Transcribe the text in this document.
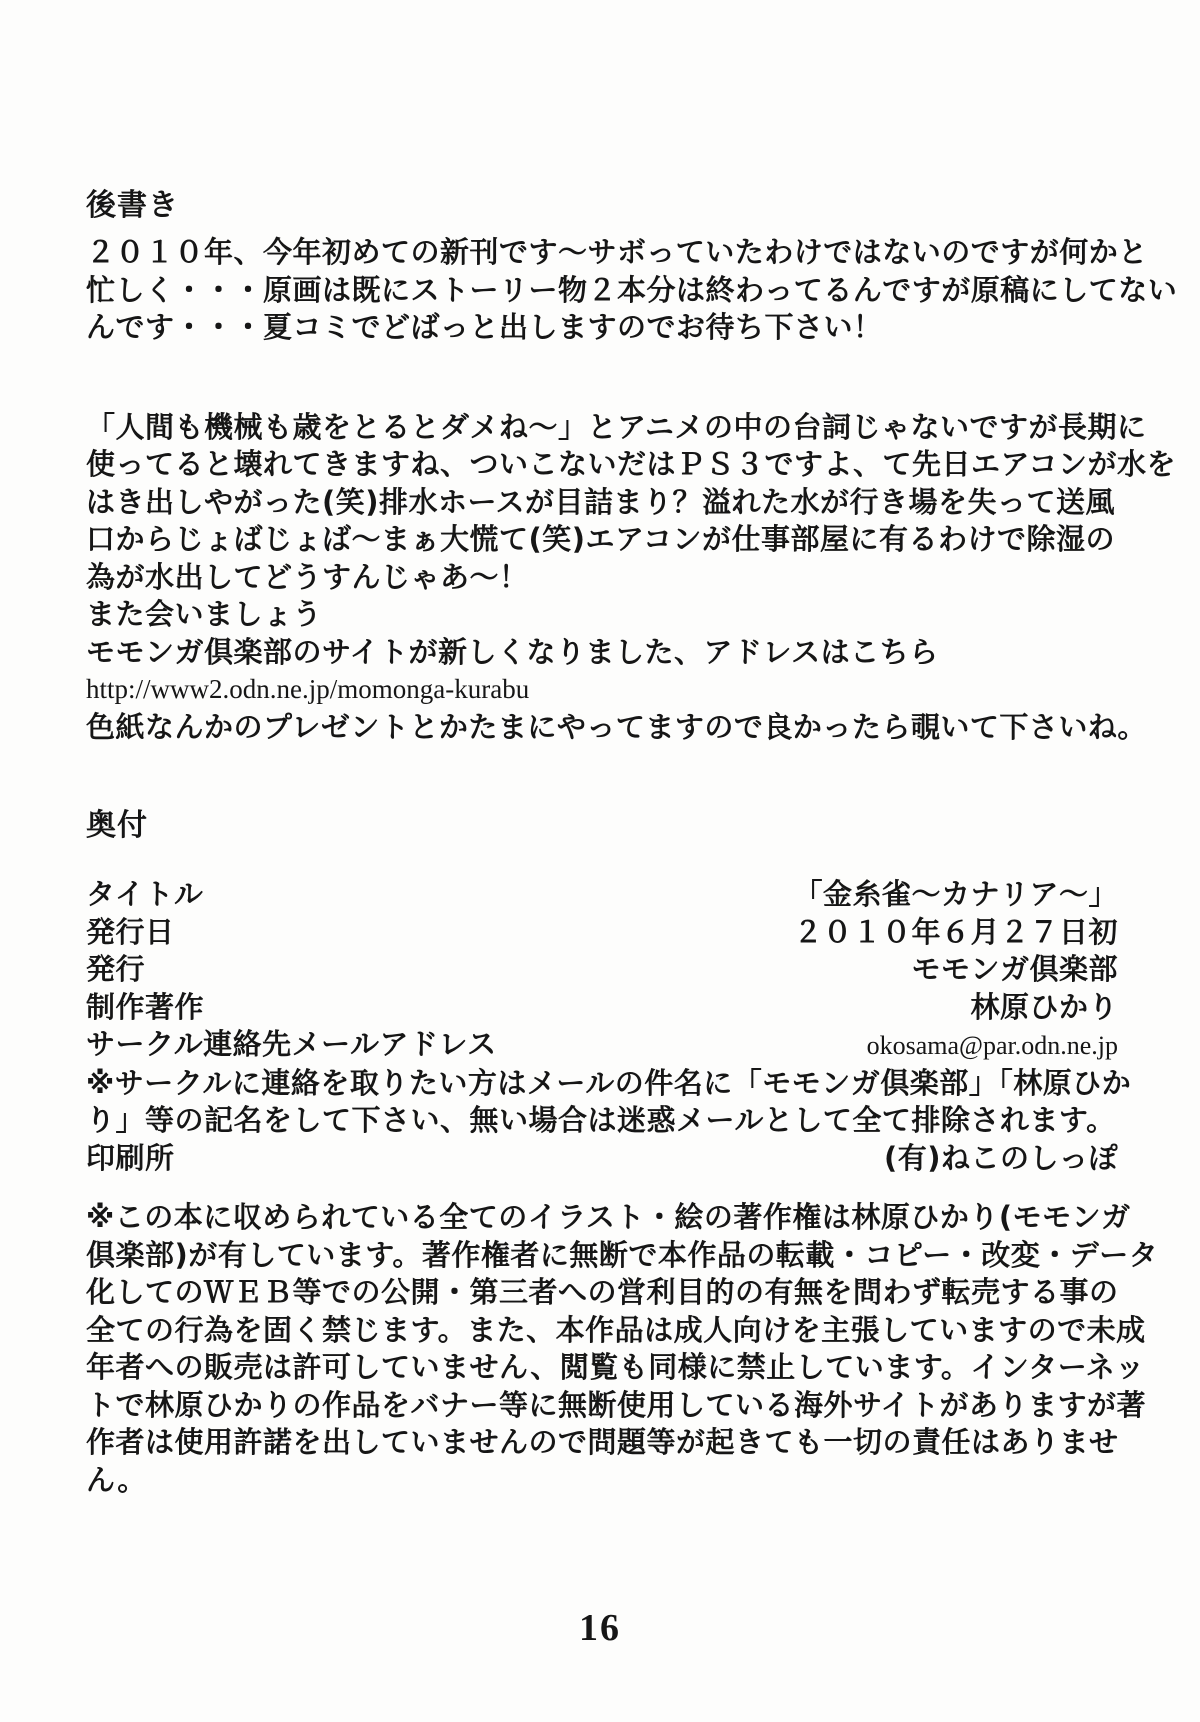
後書き
２０１０年、今年初めての新刊です〜サボっていたわけではないのですが何かと
忙しく・・・原画は既にストーリー物２本分は終わってるんですが原稿にしてない
んです・・・夏コミでどばっと出しますのでお待ち下さい！
「人間も機械も歳をとるとダメね〜」とアニメの中の台詞じゃないですが長期に
使ってると壊れてきますね、ついこないだはＰＳ３ですよ、て先日エアコンが水を
はき出しやがった(笑)排水ホースが目詰まり？溢れた水が行き場を失って送風
口からじょばじょば〜まぁ大慌て(笑)エアコンが仕事部屋に有るわけで除湿の
為が水出してどうすんじゃあ〜！
また会いましょう
モモンガ倶楽部のサイトが新しくなりました、アドレスはこちら
http://www2.odn.ne.jp/momonga-kurabu
色紙なんかのプレゼントとかたまにやってますので良かったら覗いて下さいね。
奥付
タイトル	「金糸雀〜カナリア〜」
発行日	２０１０年６月２７日初
発行	モモンガ倶楽部
制作著作	林原ひかり
サークル連絡先メールアドレス	okosama@par.odn.ne.jp
※サークルに連絡を取りたい方はメールの件名に「モモンガ倶楽部」「林原ひか
り」等の記名をして下さい、無い場合は迷惑メールとして全て排除されます。
印刷所	(有)ねこのしっぽ
※この本に収められている全てのイラスト・絵の著作権は林原ひかり(モモンガ
倶楽部)が有しています。著作権者に無断で本作品の転載・コピー・改変・データ
化してのＷＥＢ等での公開・第三者への営利目的の有無を問わず転売する事の
全ての行為を固く禁じます。また、本作品は成人向けを主張していますので未成
年者への販売は許可していません、閲覧も同様に禁止しています。インターネッ
トで林原ひかりの作品をバナー等に無断使用している海外サイトがありますが著
作者は使用許諾を出していませんので問題等が起きても一切の責任はありませ
ん。
16
